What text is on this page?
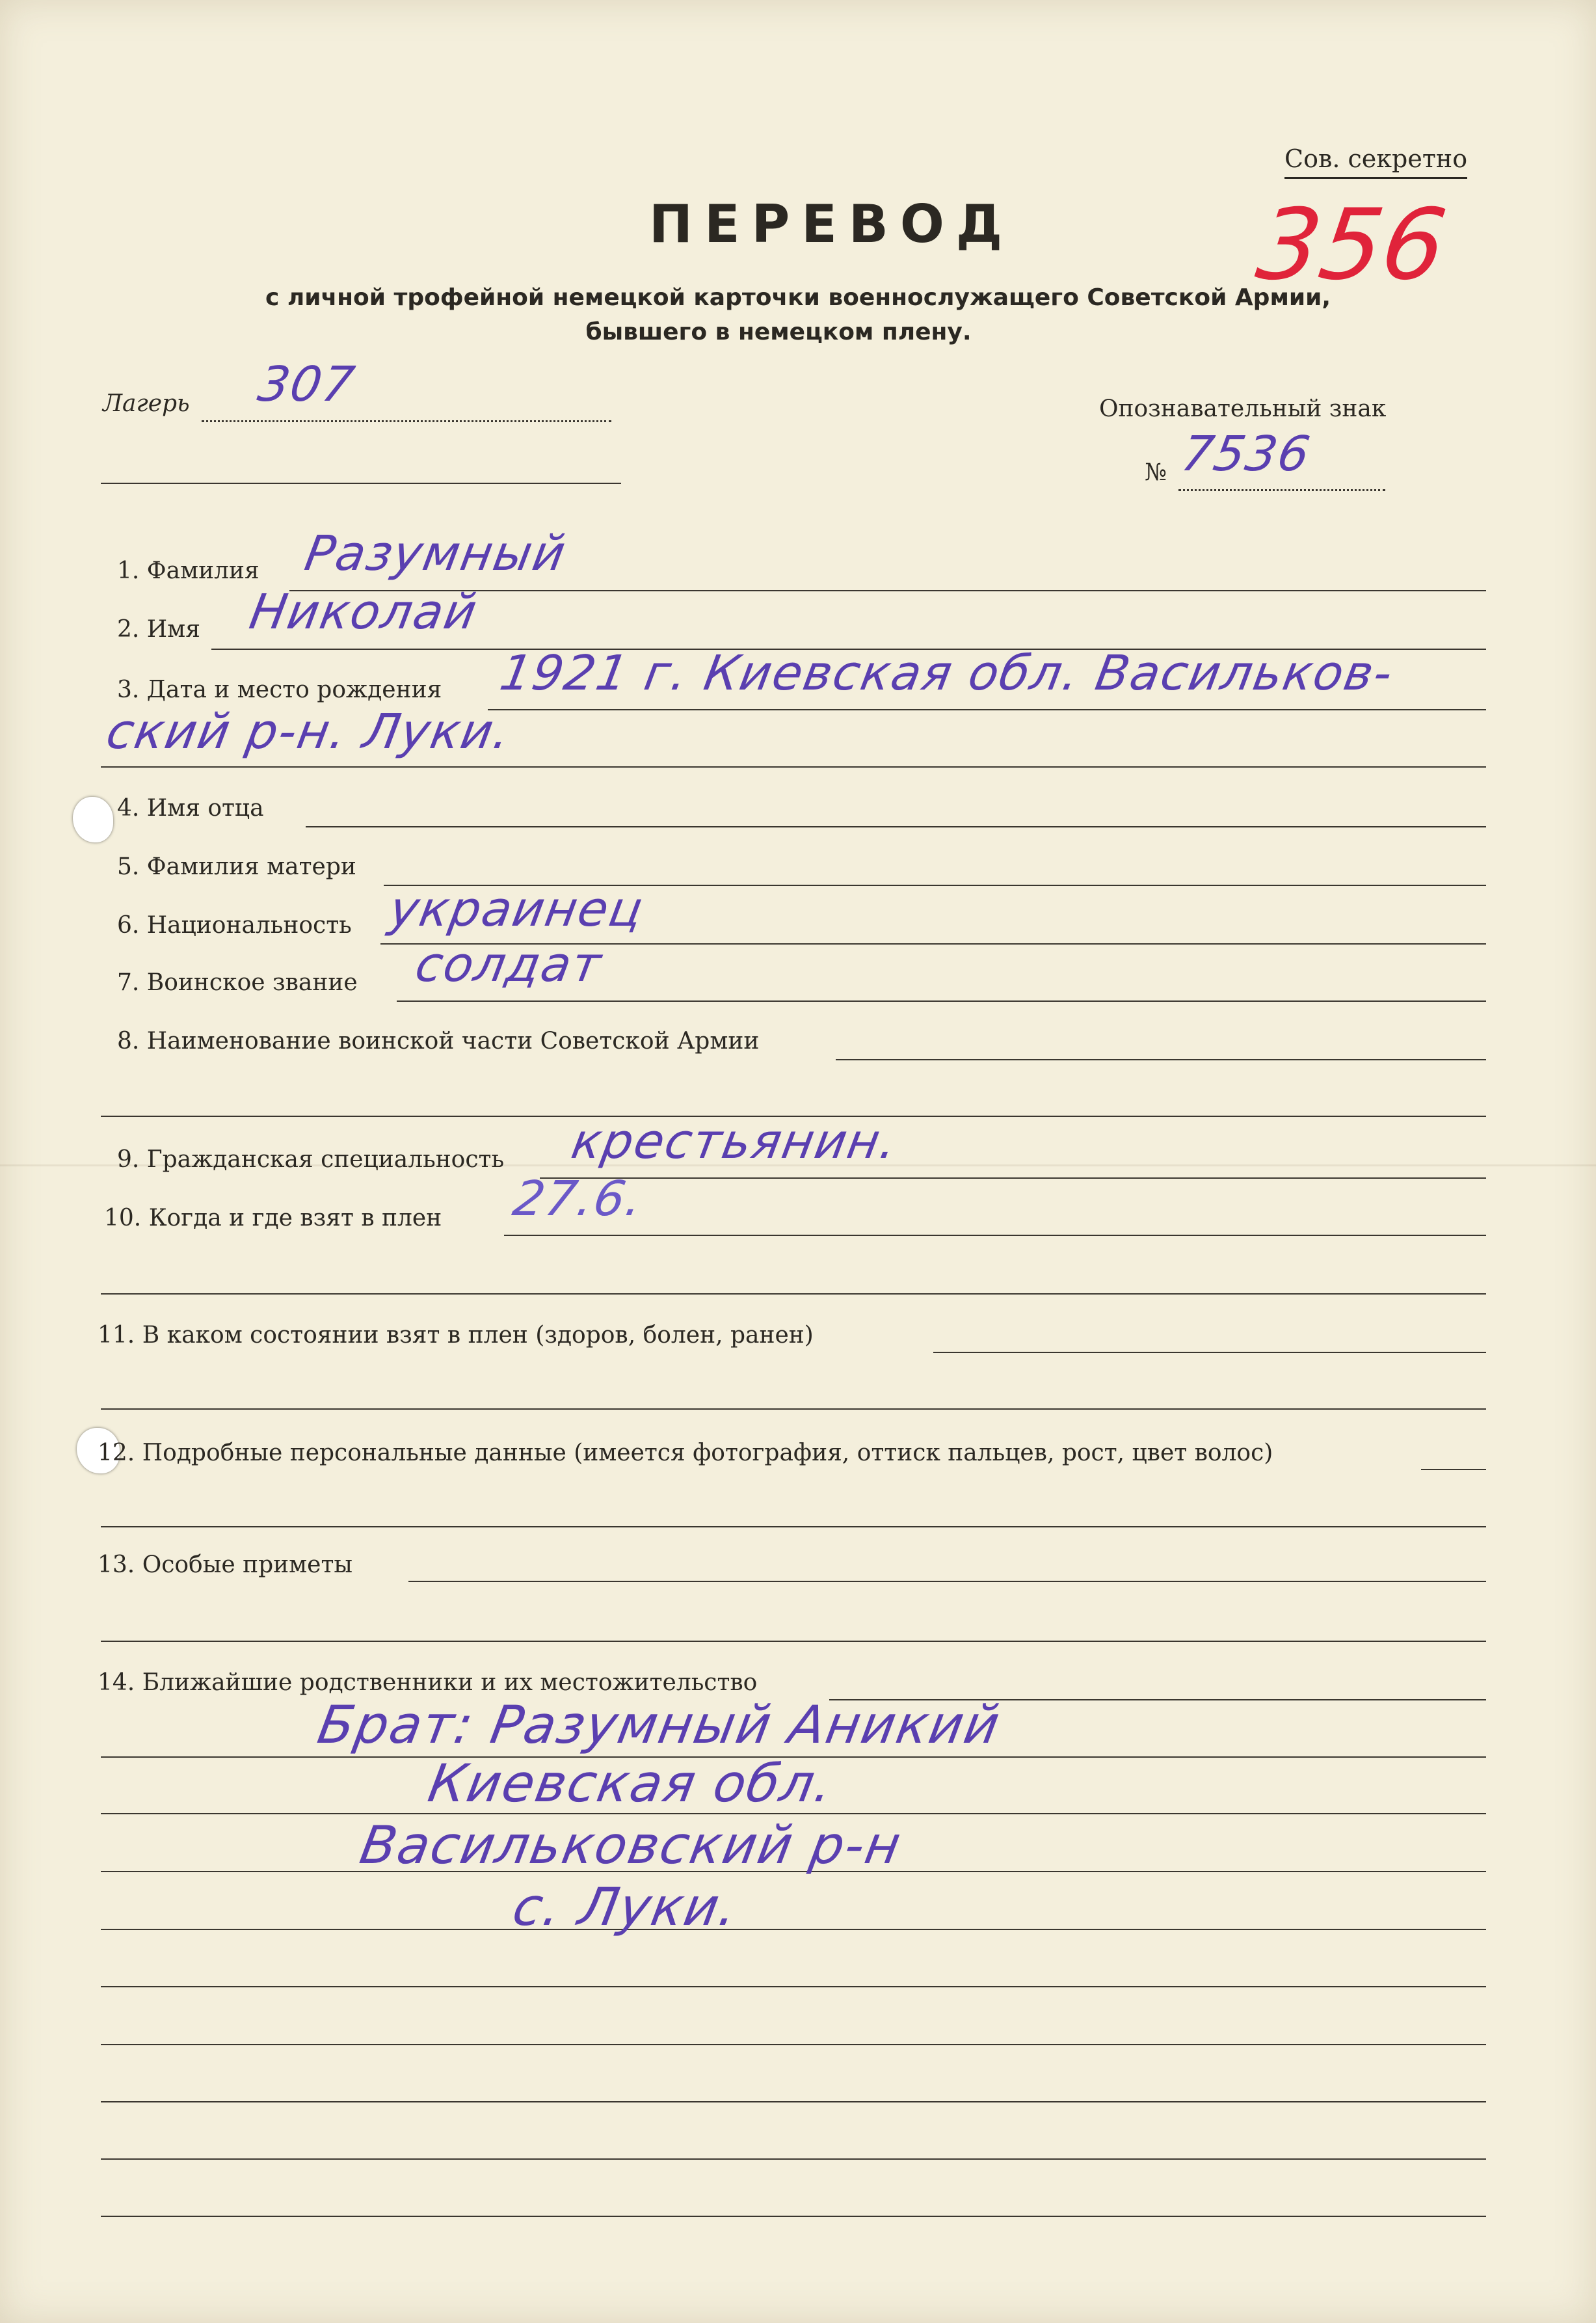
Сов. секретно
356
ПЕРЕВОД
с личной трофейной немецкой карточки военнослужащего Советской Армии,
бывшего в немецком плену.
Лагерь 307	Опознавательный знак
№ 7536
1. Фамилия Разумный
2. Имя Николай
3. Дата и место рождения 1921 г. Киевская обл. Васильков-
ский р-н. Луки.
4. Имя отца
5. Фамилия матери
6. Национальность украинец
7. Воинское звание солдат
8. Наименование воинской части Советской Армии
9. Гражданская специальность крестьянин.
10. Когда и где взят в плен 27.6.
11. В каком состоянии взят в плен (здоров, болен, ранен)
12. Подробные персональные данные (имеется фотография, оттиск пальцев, рост, цвет волос)
13. Особые приметы
14. Ближайшие родственники и их местожительство
Брат: Разумный Аникий
Киевская обл.
Васильковский р-н
с. Луки.
